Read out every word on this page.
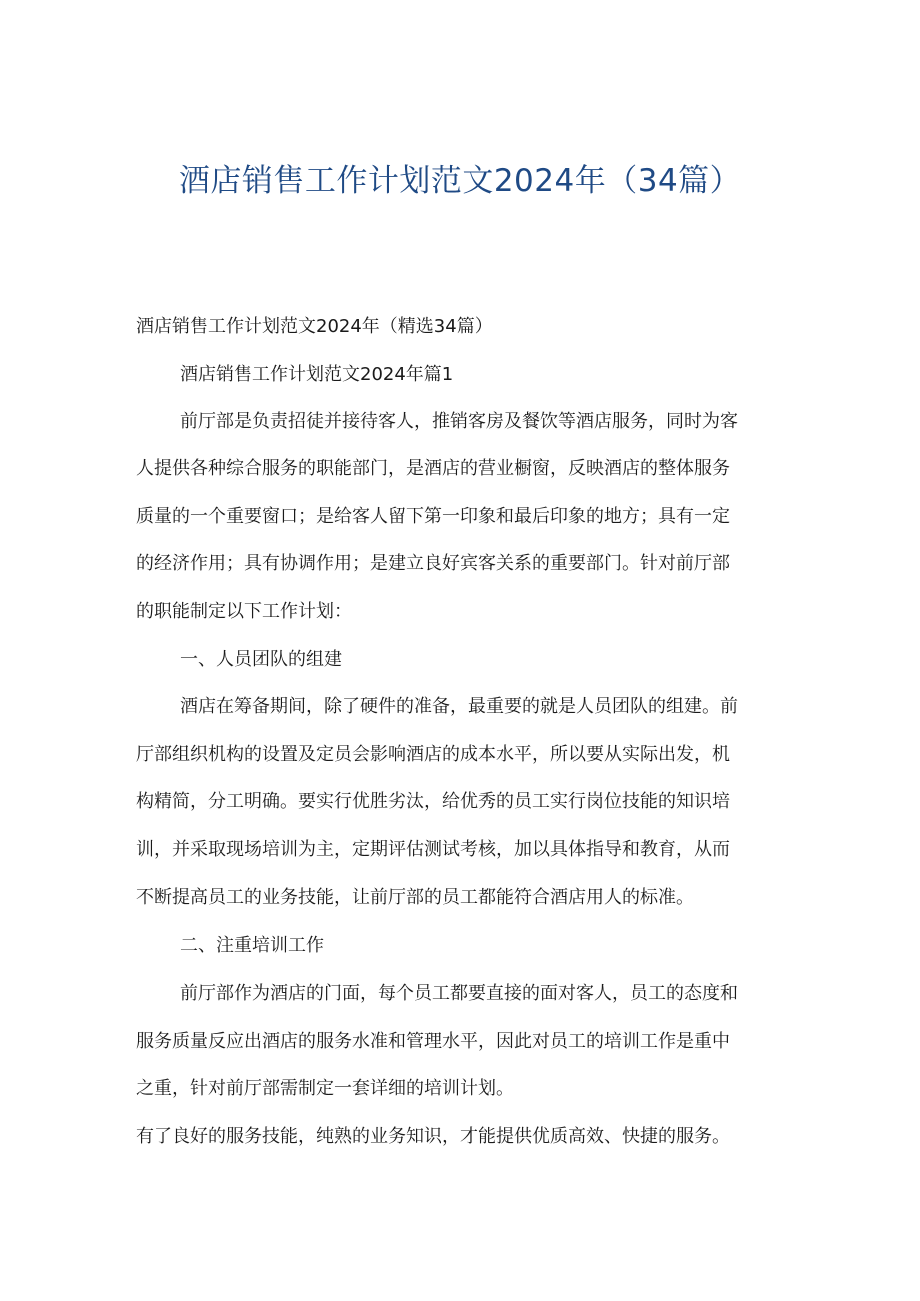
酒店销售工作计划范文2024年（34篇）

酒店销售工作计划范文2024年（精选34篇）

酒店销售工作计划范文2024年篇1

前厅部是负责招徒并接待客人，推销客房及餐饮等酒店服务，同时为客

人提供各种综合服务的职能部门，是酒店的营业橱窗，反映酒店的整体服务

质量的一个重要窗口；是给客人留下第一印象和最后印象的地方；具有一定

的经济作用；具有协调作用；是建立良好宾客关系的重要部门。针对前厅部

的职能制定以下工作计划：

一、人员团队的组建

酒店在筹备期间，除了硬件的准备，最重要的就是人员团队的组建。前

厅部组织机构的设置及定员会影响酒店的成本水平，所以要从实际出发，机

构精简，分工明确。要实行优胜劣汰，给优秀的员工实行岗位技能的知识培

训，并采取现场培训为主，定期评估测试考核，加以具体指导和教育，从而

不断提高员工的业务技能，让前厅部的员工都能符合酒店用人的标准。

二、注重培训工作

前厅部作为酒店的门面，每个员工都要直接的面对客人，员工的态度和

服务质量反应出酒店的服务水准和管理水平，因此对员工的培训工作是重中

之重，针对前厅部需制定一套详细的培训计划。

有了良好的服务技能，纯熟的业务知识，才能提供优质高效、快捷的服务。
